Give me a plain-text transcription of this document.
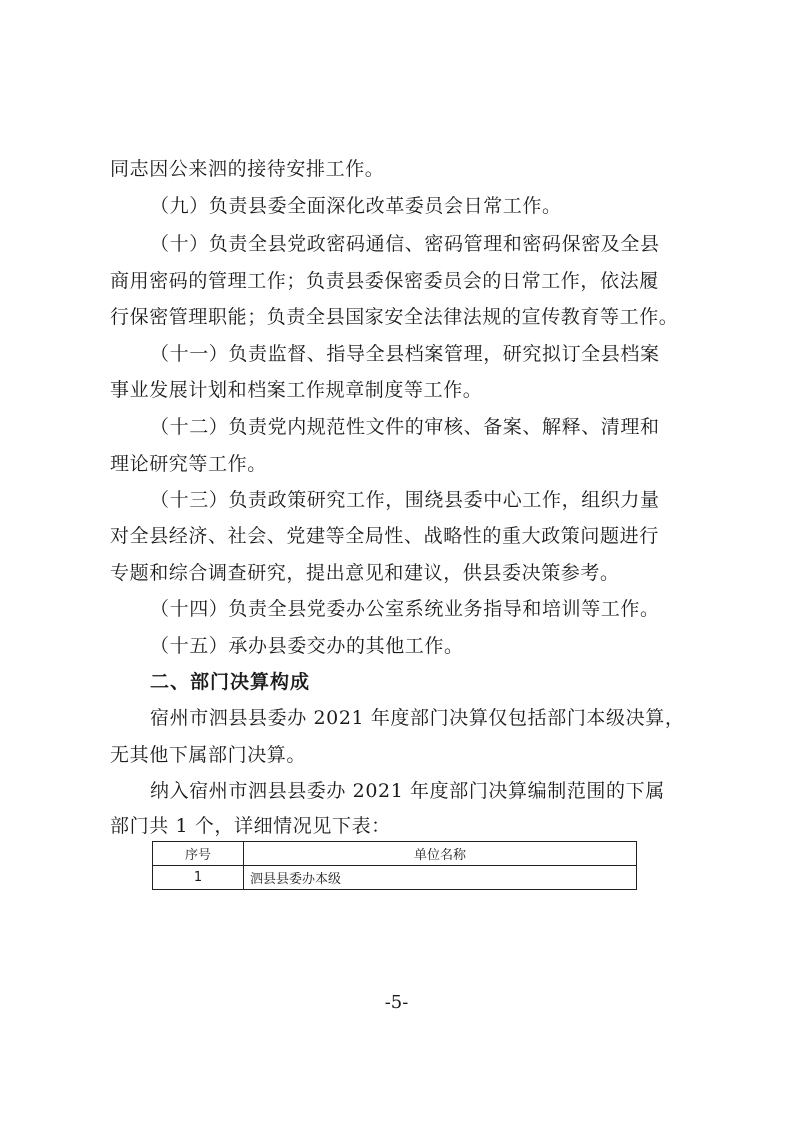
同志因公来泗的接待安排工作。
（九）负责县委全面深化改革委员会日常工作。
（十）负责全县党政密码通信、密码管理和密码保密及全县
商用密码的管理工作；负责县委保密委员会的日常工作，依法履
行保密管理职能；负责全县国家安全法律法规的宣传教育等工作。
（十一）负责监督、指导全县档案管理，研究拟订全县档案
事业发展计划和档案工作规章制度等工作。
（十二）负责党内规范性文件的审核、备案、解释、清理和
理论研究等工作。
（十三）负责政策研究工作，围绕县委中心工作，组织力量
对全县经济、社会、党建等全局性、战略性的重大政策问题进行
专题和综合调查研究，提出意见和建议，供县委决策参考。
（十四）负责全县党委办公室系统业务指导和培训等工作。
（十五）承办县委交办的其他工作。
二、部门决算构成
宿州市泗县县委办 2021 年度部门决算仅包括部门本级决算，
无其他下属部门决算。
纳入宿州市泗县县委办 2021 年度部门决算编制范围的下属
部门共 1 个，详细情况见下表：
序号	单位名称
1	泗县县委办本级
-5-
